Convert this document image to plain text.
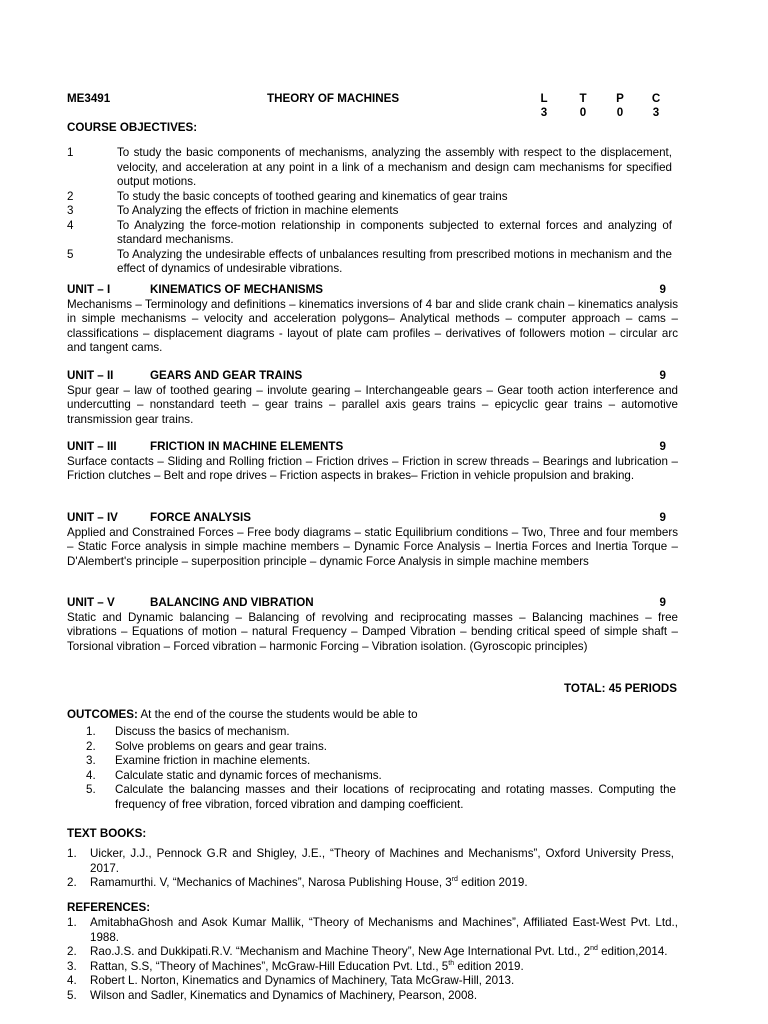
ME3491	THEORY OF MACHINES	L	T	P C
3	0	0	3
COURSE OBJECTIVES:
1	To study the basic components of mechanisms, analyzing the assembly with respect to the displacement, velocity, and acceleration at any point in a link of a mechanism and design cam mechanisms for specified output motions.
2	To study the basic concepts of toothed gearing and kinematics of gear trains
3	To Analyzing the effects of friction in machine elements
4	To Analyzing the force-motion relationship in components subjected to external forces and analyzing of standard mechanisms.
5	To Analyzing the undesirable effects of unbalances resulting from prescribed motions in mechanism and the effect of dynamics of undesirable vibrations.
UNIT – I	KINEMATICS OF MECHANISMS	9
Mechanisms – Terminology and definitions – kinematics inversions of 4 bar and slide crank chain – kinematics analysis in simple mechanisms – velocity and acceleration polygons– Analytical methods – computer approach – cams – classifications – displacement diagrams - layout of plate cam profiles – derivatives of followers motion – circular arc and tangent cams.
UNIT – II	GEARS AND GEAR TRAINS	9
Spur gear – law of toothed gearing – involute gearing – Interchangeable gears – Gear tooth action interference and undercutting – nonstandard teeth – gear trains – parallel axis gears trains – epicyclic gear trains – automotive transmission gear trains.
UNIT – III	FRICTION IN MACHINE ELEMENTS	9
Surface contacts – Sliding and Rolling friction – Friction drives – Friction in screw threads – Bearings and lubrication – Friction clutches – Belt and rope drives – Friction aspects in brakes– Friction in vehicle propulsion and braking.
UNIT – IV	FORCE ANALYSIS	9
Applied and Constrained Forces – Free body diagrams – static Equilibrium conditions – Two, Three and four members – Static Force analysis in simple machine members – Dynamic Force Analysis – Inertia Forces and Inertia Torque – D'Alembert's principle – superposition principle – dynamic Force Analysis in simple machine members
UNIT – V	BALANCING AND VIBRATION	9
Static and Dynamic balancing – Balancing of revolving and reciprocating masses – Balancing machines – free vibrations – Equations of motion – natural Frequency – Damped Vibration – bending critical speed of simple shaft – Torsional vibration – Forced vibration – harmonic Forcing – Vibration isolation. (Gyroscopic principles)
TOTAL: 45 PERIODS
OUTCOMES: At the end of the course the students would be able to
1.	Discuss the basics of mechanism.
2.	Solve problems on gears and gear trains.
3.	Examine friction in machine elements.
4.	Calculate static and dynamic forces of mechanisms.
5.	Calculate the balancing masses and their locations of reciprocating and rotating masses. Computing the frequency of free vibration, forced vibration and damping coefficient.
TEXT BOOKS:
1.	Uicker, J.J., Pennock G.R and Shigley, J.E., “Theory of Machines and Mechanisms”, Oxford University Press, 2017.
2.	Ramamurthi. V, “Mechanics of Machines”, Narosa Publishing House, 3rd edition 2019.
REFERENCES:
1.	AmitabhaGhosh and Asok Kumar Mallik, “Theory of Mechanisms and Machines”, Affiliated East-West Pvt. Ltd., 1988.
2.	Rao.J.S. and Dukkipati.R.V. “Mechanism and Machine Theory”, New Age International Pvt. Ltd., 2nd edition,2014.
3.	Rattan, S.S, “Theory of Machines”, McGraw-Hill Education Pvt. Ltd., 5th edition 2019.
4.	Robert L. Norton, Kinematics and Dynamics of Machinery, Tata McGraw-Hill, 2013.
5.	Wilson and Sadler, Kinematics and Dynamics of Machinery, Pearson, 2008.
